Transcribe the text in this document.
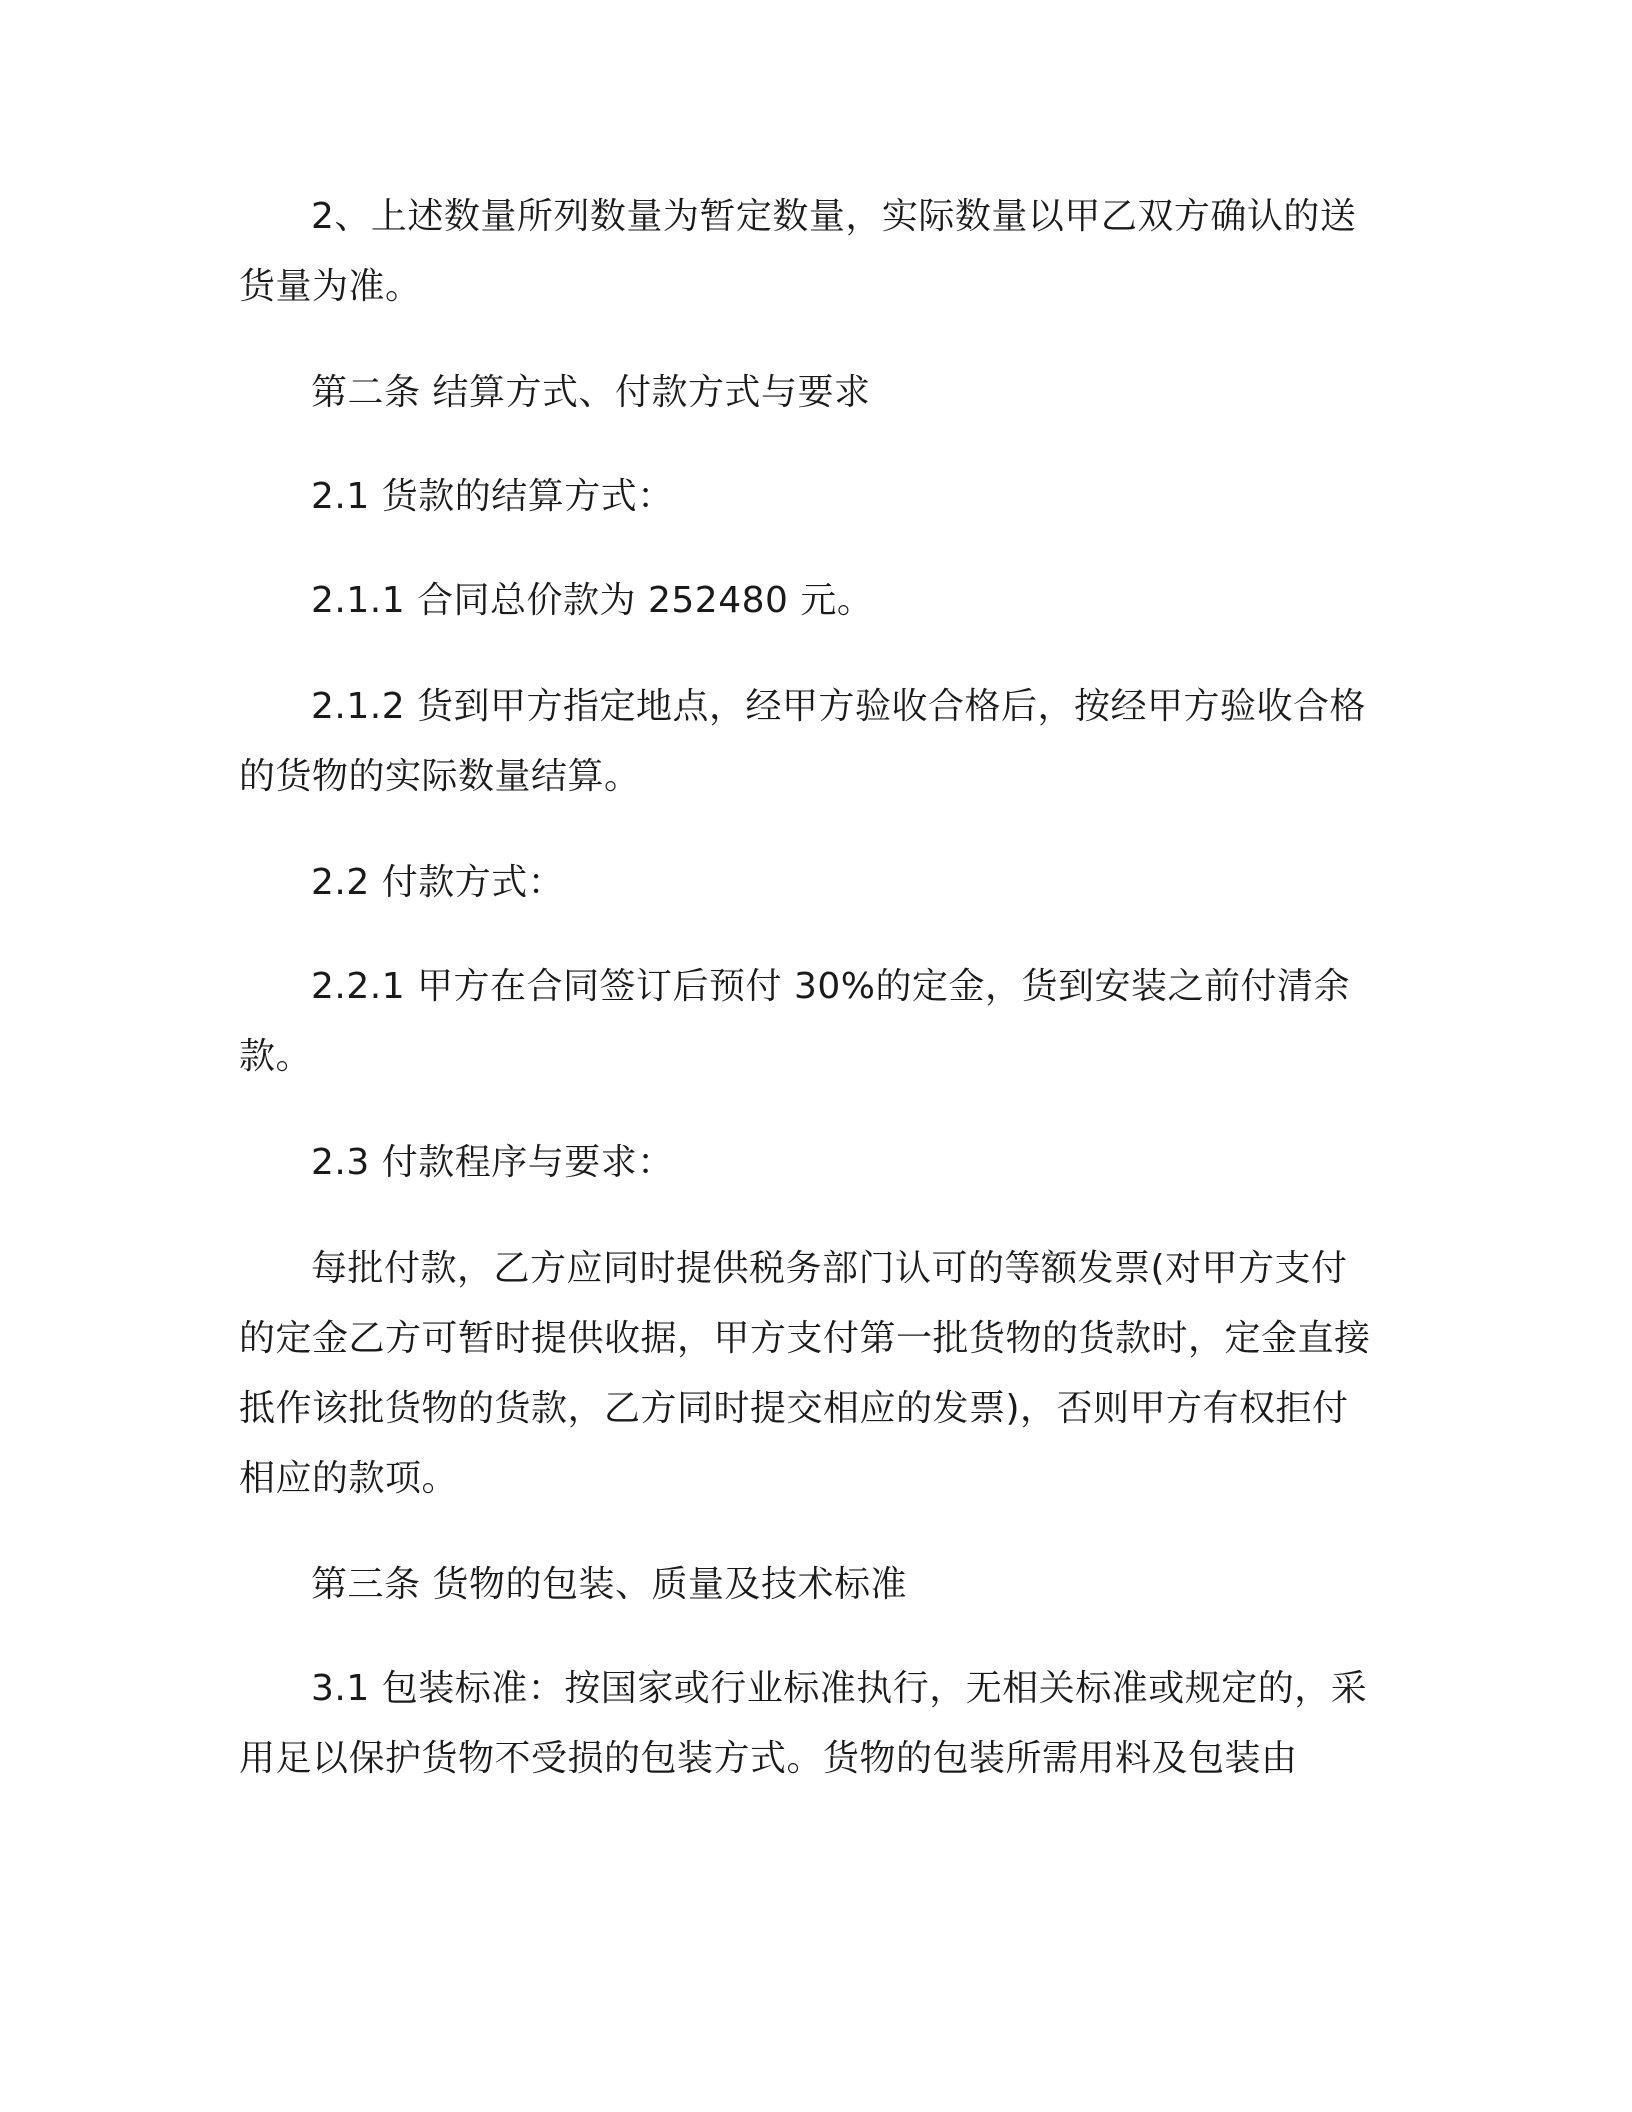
2、上述数量所列数量为暂定数量，实际数量以甲乙双方确认的送货量为准。

第二条 结算方式、付款方式与要求

2.1 货款的结算方式：

2.1.1 合同总价款为 252480 元。

2.1.2 货到甲方指定地点，经甲方验收合格后，按经甲方验收合格的货物的实际数量结算。

2.2 付款方式：

2.2.1 甲方在合同签订后预付 30%的定金，货到安装之前付清余款。

2.3 付款程序与要求：

每批付款，乙方应同时提供税务部门认可的等额发票(对甲方支付的定金乙方可暂时提供收据，甲方支付第一批货物的货款时，定金直接抵作该批货物的货款，乙方同时提交相应的发票)，否则甲方有权拒付相应的款项。

第三条 货物的包装、质量及技术标准

3.1 包装标准：按国家或行业标准执行，无相关标准或规定的，采用足以保护货物不受损的包装方式。货物的包装所需用料及包装由
